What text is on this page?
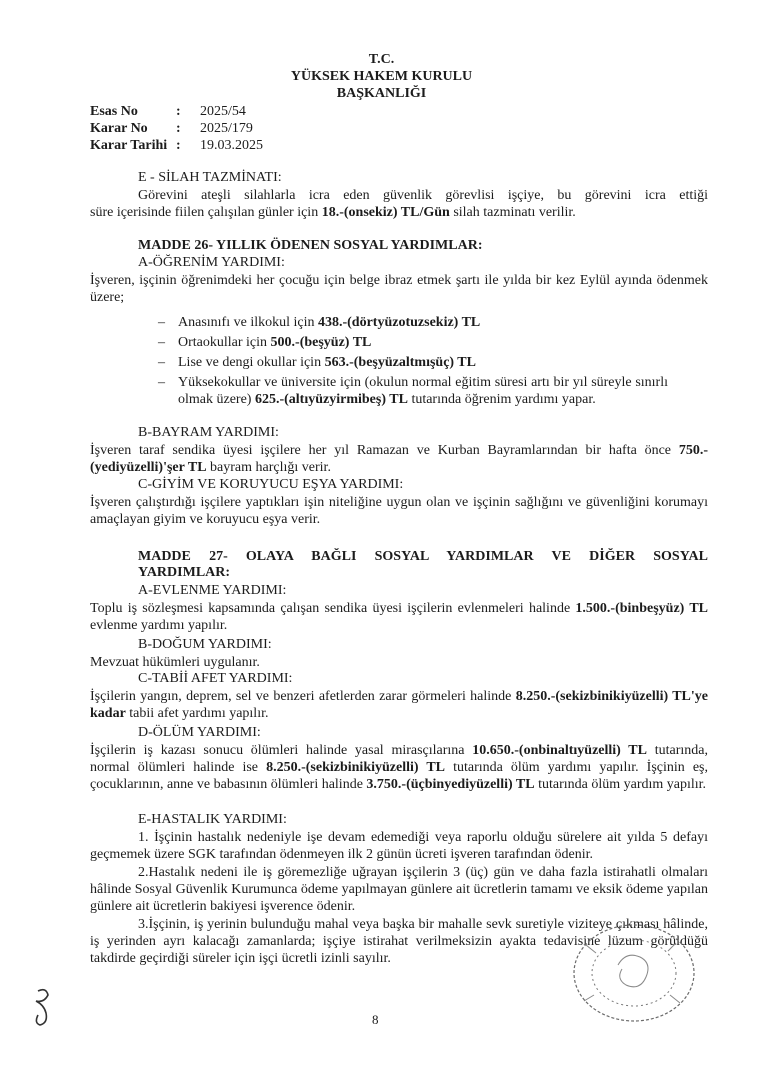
T.C.
YÜKSEK HAKEM KURULU
BAŞKANLIĞI
Esas No	: 2025/54
Karar No : 2025/179
Karar Tarihi : 19.03.2025
E - SİLAH TAZMİNATI:
Görevini ateşli silahlarla icra eden güvenlik görevlisi işçiye, bu görevini icra ettiği
süre içerisinde fiilen çalışılan günler için 18.-(onsekiz) TL/Gün silah tazminatı verilir.
MADDE 26- YILLIK ÖDENEN SOSYAL YARDIMLAR:
A-ÖĞRENİM YARDIMI:
İşveren, işçinin öğrenimdeki her çocuğu için belge ibraz etmek şartı ile yılda bir kez Eylül ayında ödenmek üzere;
– Anasınıfı ve ilkokul için 438.-(dörtyüzotuzsekiz) TL
– Ortaokullar için 500.-(beşyüz) TL
– Lise ve dengi okullar için 563.-(beşyüzaltmışüç) TL
– Yüksekokullar ve üniversite için (okulun normal eğitim süresi artı bir yıl süreyle sınırlı olmak üzere) 625.-(altıyüzyirmibeş) TL tutarında öğrenim yardımı yapar.
B-BAYRAM YARDIMI:
İşveren taraf sendika üyesi işçilere her yıl Ramazan ve Kurban Bayramlarından bir hafta önce 750.-(yediyüzelli)'şer TL bayram harçlığı verir.
C-GİYİM VE KORUYUCU EŞYA YARDIMI:
İşveren çalıştırdığı işçilere yaptıkları işin niteliğine uygun olan ve işçinin sağlığını ve güvenliğini korumayı amaçlayan giyim ve koruyucu eşya verir.
MADDE 27- OLAYA BAĞLI SOSYAL YARDIMLAR VE DİĞER SOSYAL
YARDIMLAR:
A-EVLENME YARDIMI:
Toplu iş sözleşmesi kapsamında çalışan sendika üyesi işçilerin evlenmeleri halinde 1.500.-(binbeşyüz) TL evlenme yardımı yapılır.
B-DOĞUM YARDIMI:
Mevzuat hükümleri uygulanır.
C-TABİİ AFET YARDIMI:
İşçilerin yangın, deprem, sel ve benzeri afetlerden zarar görmeleri halinde 8.250.-(sekizbinikiyüzelli) TL'ye kadar tabii afet yardımı yapılır.
D-ÖLÜM YARDIMI:
İşçilerin iş kazası sonucu ölümleri halinde yasal mirasçılarına 10.650.-(onbinaltıyüzelli) TL tutarında, normal ölümleri halinde ise 8.250.-(sekizbinikiyüzelli) TL tutarında ölüm yardımı yapılır. İşçinin eş, çocuklarının, anne ve babasının ölümleri halinde 3.750.-(üçbinyediyüzelli) TL tutarında ölüm yardım yapılır.
E-HASTALIK YARDIMI:
1. İşçinin hastalık nedeniyle işe devam edemediği veya raporlu olduğu sürelere ait yılda 5 defayı geçmemek üzere SGK tarafından ödenmeyen ilk 2 günün ücreti işveren tarafından ödenir.
2.Hastalık nedeni ile iş göremezliğe uğrayan işçilerin 3 (üç) gün ve daha fazla istirahatli olmaları hâlinde Sosyal Güvenlik Kurumunca ödeme yapılmayan günlere ait ücretlerin tamamı ve eksik ödeme yapılan günlere ait ücretlerin bakiyesi işverence ödenir.
3.İşçinin, iş yerinin bulunduğu mahal veya başka bir mahalle sevk suretiyle viziteye çıkması hâlinde, iş yerinden ayrı kalacağı zamanlarda; işçiye istirahat verilmeksizin ayakta tedavisine lüzum görüldüğü takdirde geçirdiği süreler için işçi ücretli izinli sayılır.
8
